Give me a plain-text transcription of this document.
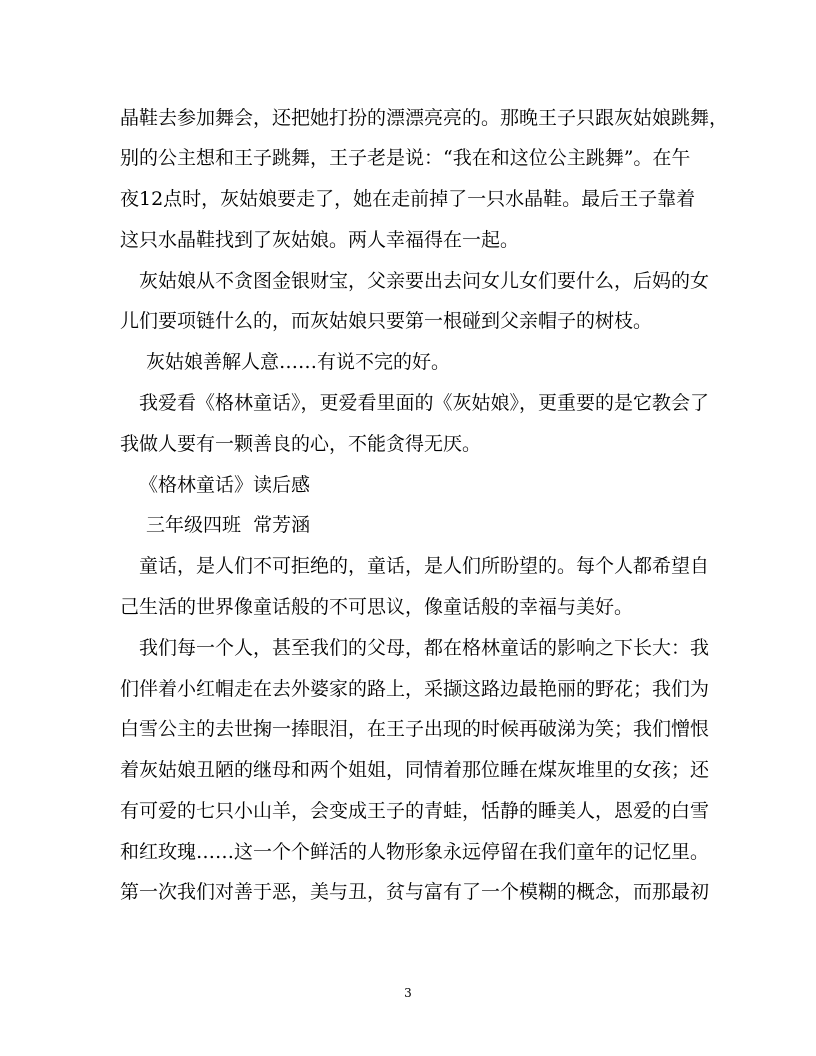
晶鞋去参加舞会，还把她打扮的漂漂亮亮的。那晚王子只跟灰姑娘跳舞，
别的公主想和王子跳舞，王子老是说：“我在和这位公主跳舞”。在午
夜12点时，灰姑娘要走了，她在走前掉了一只水晶鞋。最后王子靠着
这只水晶鞋找到了灰姑娘。两人幸福得在一起。
灰姑娘从不贪图金银财宝，父亲要出去问女儿女们要什么，后妈的女
儿们要项链什么的，而灰姑娘只要第一根碰到父亲帽子的树枝。
灰姑娘善解人意……有说不完的好。
我爱看《格林童话》，更爱看里面的《灰姑娘》，更重要的是它教会了
我做人要有一颗善良的心，不能贪得无厌。
《格林童话》读后感
三年级四班  常芳涵
童话，是人们不可拒绝的，童话，是人们所盼望的。每个人都希望自
己生活的世界像童话般的不可思议，像童话般的幸福与美好。
我们每一个人，甚至我们的父母，都在格林童话的影响之下长大：我
们伴着小红帽走在去外婆家的路上，采撷这路边最艳丽的野花；我们为
白雪公主的去世掬一捧眼泪，在王子出现的时候再破涕为笑；我们憎恨
着灰姑娘丑陋的继母和两个姐姐，同情着那位睡在煤灰堆里的女孩；还
有可爱的七只小山羊，会变成王子的青蛙，恬静的睡美人，恩爱的白雪
和红玫瑰……这一个个鲜活的人物形象永远停留在我们童年的记忆里。
第一次我们对善于恶，美与丑，贫与富有了一个模糊的概念，而那最初
3
